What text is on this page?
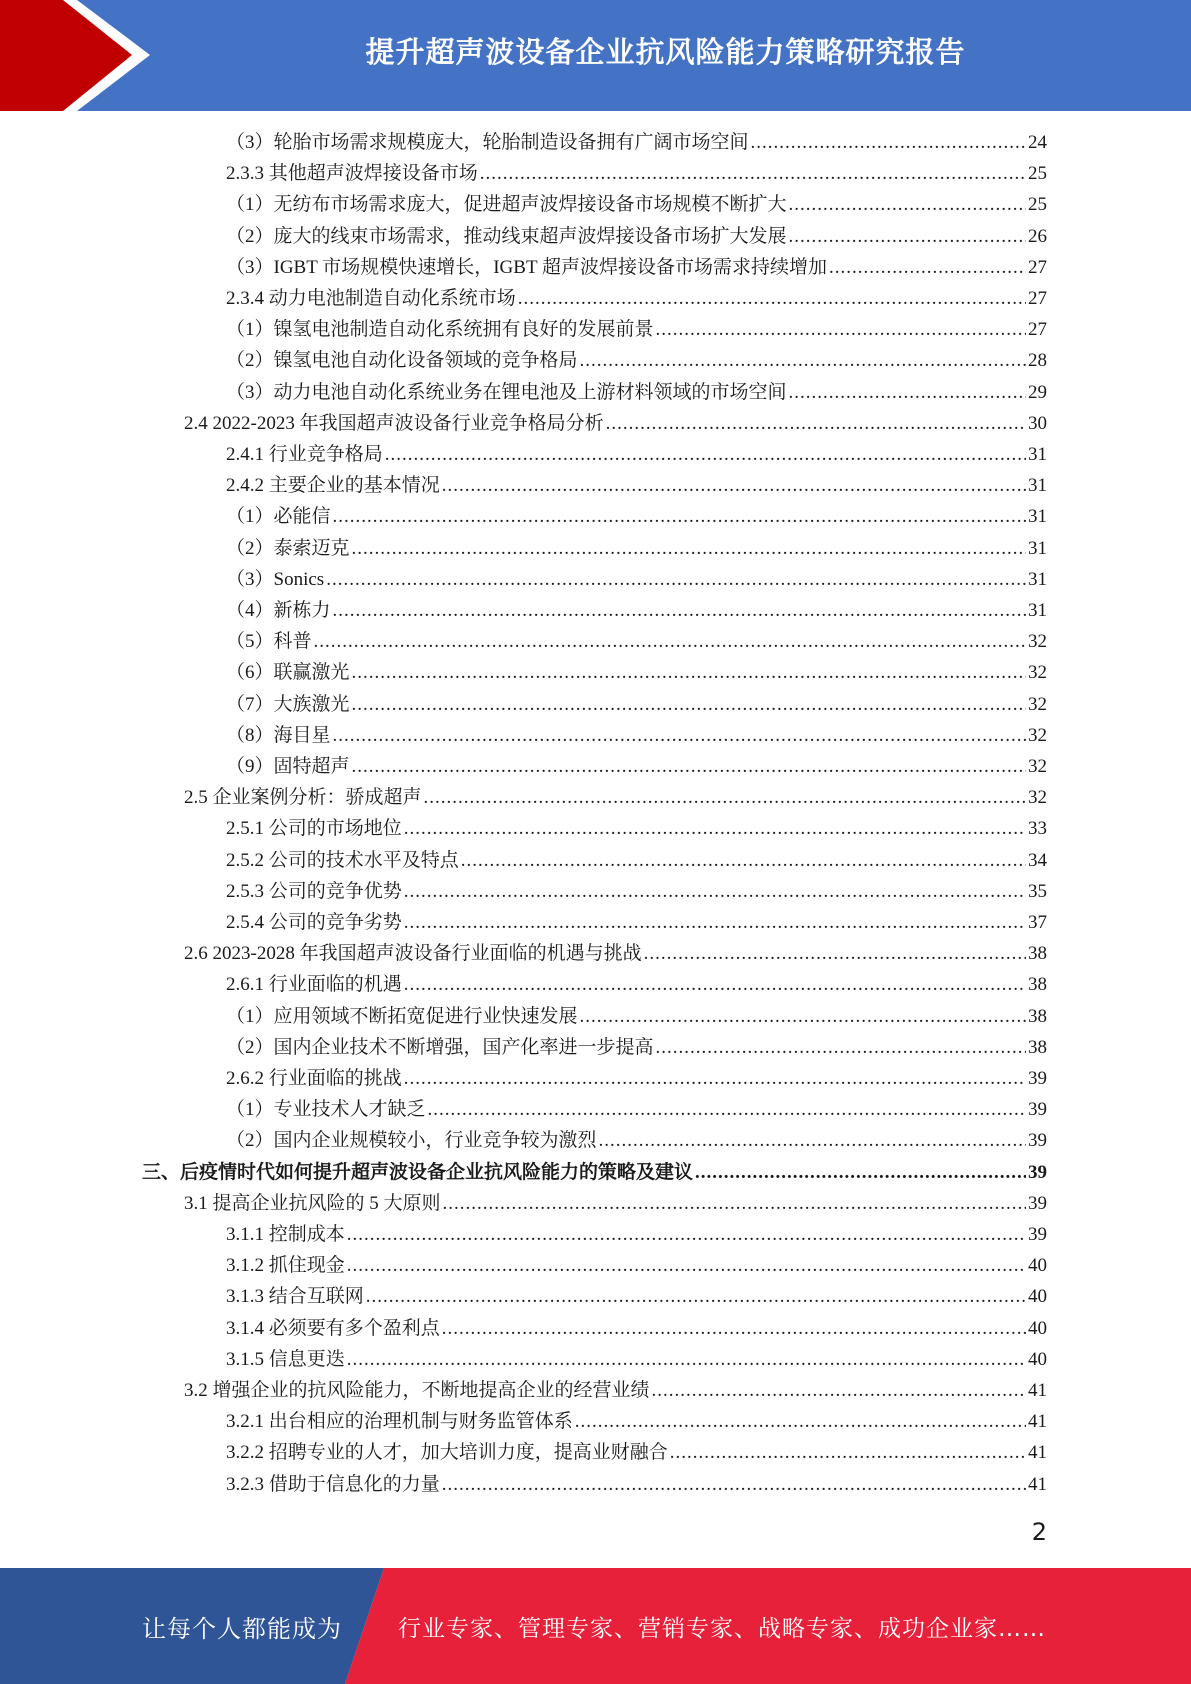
提升超声波设备企业抗风险能力策略研究报告
（3）轮胎市场需求规模庞大，轮胎制造设备拥有广阔市场空间 .....	24
2.3.3 其他超声波焊接设备市场 .....	25
（1）无纺布市场需求庞大，促进超声波焊接设备市场规模不断扩大 .....	25
（2）庞大的线束市场需求，推动线束超声波焊接设备市场扩大发展 .....	26
（3）IGBT 市场规模快速增长，IGBT 超声波焊接设备市场需求持续增加 .....	27
2.3.4 动力电池制造自动化系统市场 .....	27
（1）镍氢电池制造自动化系统拥有良好的发展前景 .....	27
（2）镍氢电池自动化设备领域的竞争格局 .....	28
（3）动力电池自动化系统业务在锂电池及上游材料领域的市场空间 .....	29
2.4 2022-2023 年我国超声波设备行业竞争格局分析 .....	30
2.4.1 行业竞争格局 .....	31
2.4.2 主要企业的基本情况 .....	31
（1）必能信 .....	31
（2）泰索迈克 .....	31
（3）Sonics .....	31
（4）新栋力 .....	31
（5）科普 .....	32
（6）联赢激光 .....	32
（7）大族激光 .....	32
（8）海目星 .....	32
（9）固特超声 .....	32
2.5 企业案例分析：骄成超声 .....	32
2.5.1 公司的市场地位 .....	33
2.5.2 公司的技术水平及特点 .....	34
2.5.3 公司的竞争优势 .....	35
2.5.4 公司的竞争劣势 .....	37
2.6 2023-2028 年我国超声波设备行业面临的机遇与挑战 .....	38
2.6.1 行业面临的机遇 .....	38
（1）应用领域不断拓宽促进行业快速发展 .....	38
（2）国内企业技术不断增强，国产化率进一步提高 .....	38
2.6.2 行业面临的挑战 .....	39
（1）专业技术人才缺乏 .....	39
（2）国内企业规模较小，行业竞争较为激烈 .....	39
三、后疫情时代如何提升超声波设备企业抗风险能力的策略及建议 .....	39
3.1 提高企业抗风险的 5 大原则 .....	39
3.1.1 控制成本 .....	39
3.1.2 抓住现金 .....	40
3.1.3 结合互联网 .....	40
3.1.4 必须要有多个盈利点 .....	40
3.1.5 信息更迭 .....	40
3.2 增强企业的抗风险能力，不断地提高企业的经营业绩 .....	41
3.2.1 出台相应的治理机制与财务监管体系 .....	41
3.2.2 招聘专业的人才，加大培训力度，提高业财融合 .....	41
3.2.3 借助于信息化的力量 .....	41
2
让每个人都能成为 行业专家、管理专家、营销专家、战略专家、成功企业家……
